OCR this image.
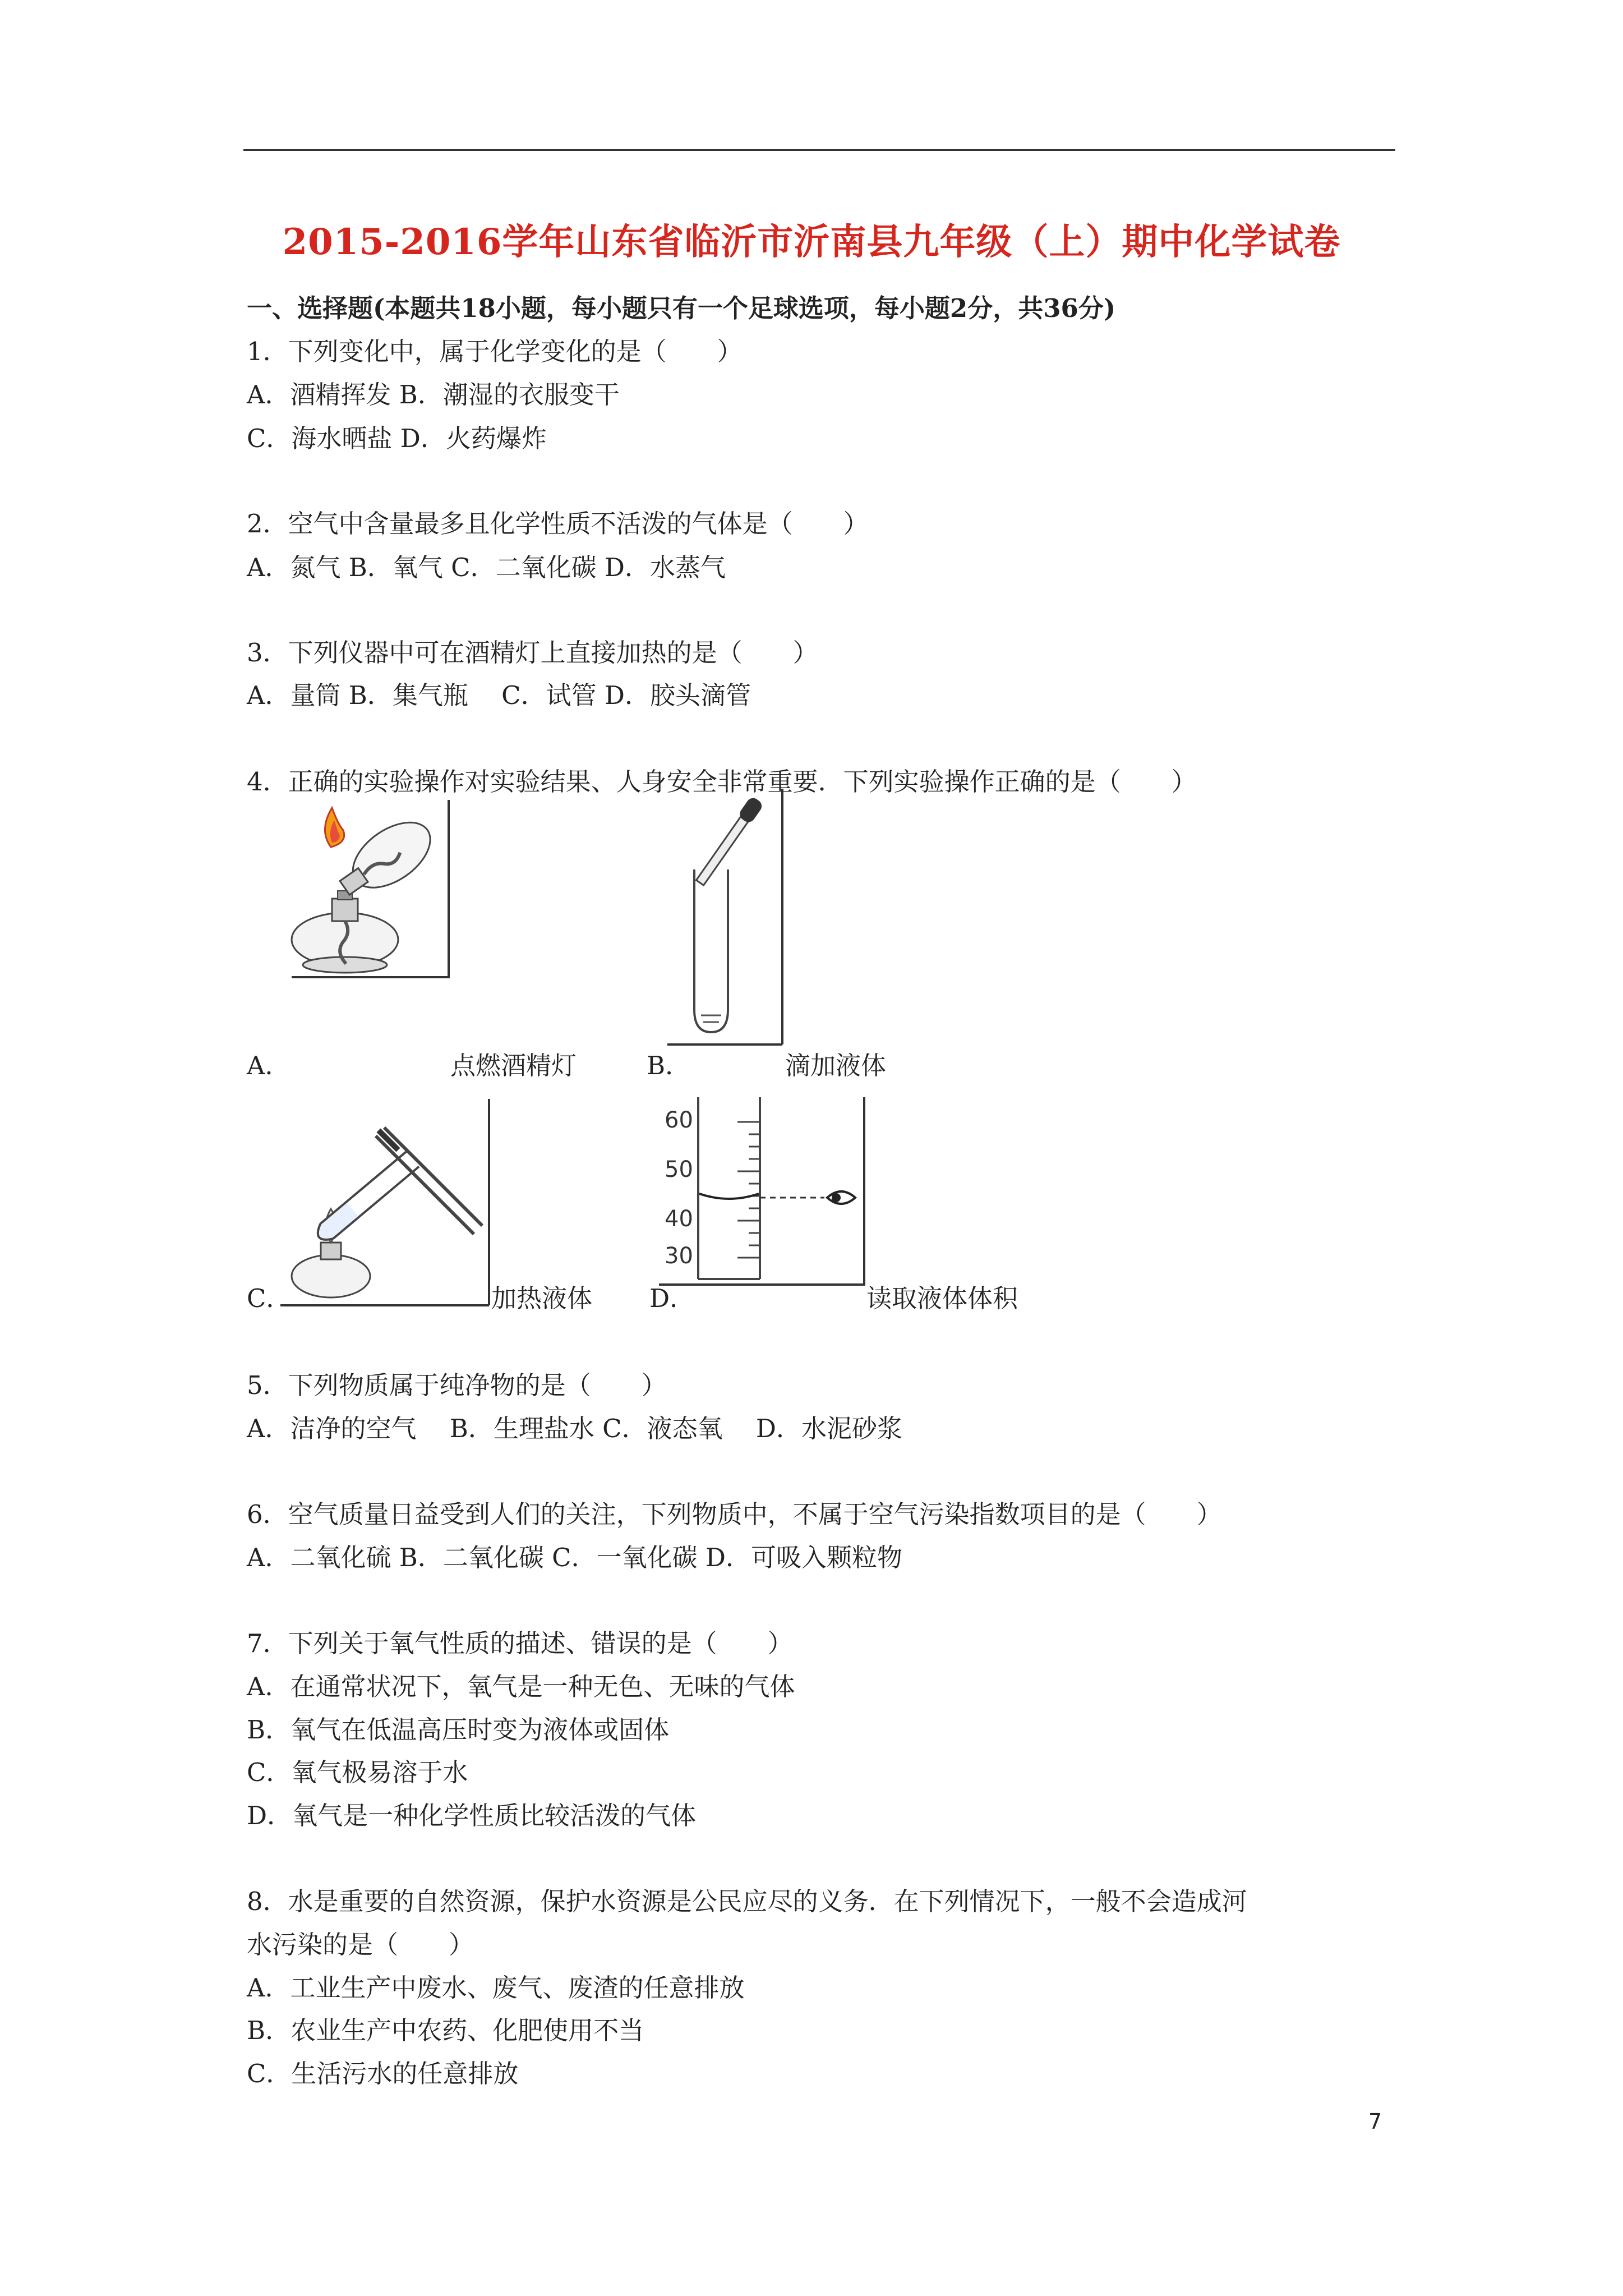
2015-2016学年山东省临沂市沂南县九年级（上）期中化学试卷
一、选择题(本题共18小题，每小题只有一个足球选项，每小题2分，共36分)
1．下列变化中，属于化学变化的是（　　）
A．酒精挥发 B．潮湿的衣服变干
C．海水晒盐 D．火药爆炸
2．空气中含量最多且化学性质不活泼的气体是（　　）
A．氮气 B．氧气 C．二氧化碳 D．水蒸气
3．下列仪器中可在酒精灯上直接加热的是（　　）
A．量筒 B．集气瓶　 C．试管 D．胶头滴管
4．正确的实验操作对实验结果、人身安全非常重要．下列实验操作正确的是（　　）
A．	点燃酒精灯	B．	滴加液体
60
50
40
30
C．	加热液体 D．	读取液体体积
5．下列物质属于纯净物的是（　　）
A．洁净的空气　 B．生理盐水 C．液态氧　 D．水泥砂浆
6．空气质量日益受到人们的关注，下列物质中，不属于空气污染指数项目的是（　　）
A．二氧化硫 B．二氧化碳 C．一氧化碳 D．可吸入颗粒物
7．下列关于氧气性质的描述、错误的是（　　）
A．在通常状况下，氧气是一种无色、无味的气体
B．氧气在低温高压时变为液体或固体
C．氧气极易溶于水
D．氧气是一种化学性质比较活泼的气体
8．水是重要的自然资源，保护水资源是公民应尽的义务．在下列情况下，一般不会造成河
水污染的是（　　）
A．工业生产中废水、废气、废渣的任意排放
B．农业生产中农药、化肥使用不当
C．生活污水的任意排放
7
